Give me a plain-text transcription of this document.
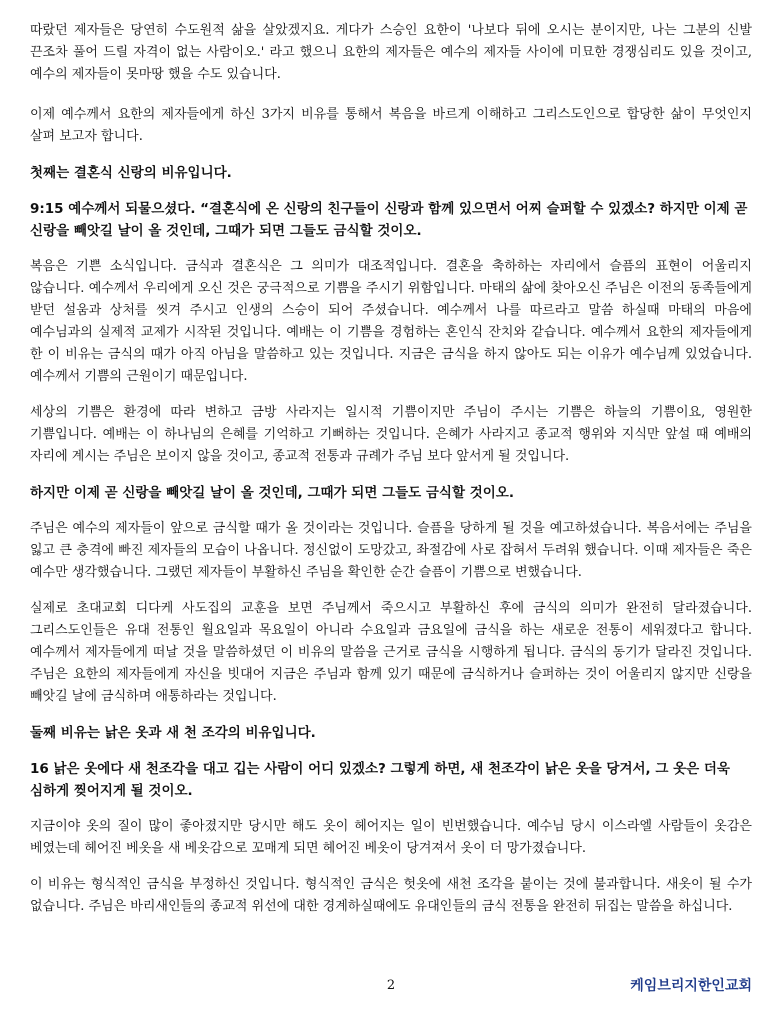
따랐던 제자들은 당연히 수도원적 삶을 살았겠지요. 게다가 스승인 요한이 '나보다 뒤에 오시는 분이지만, 나는 그분의 신발 끈조차 풀어 드릴 자격이 없는 사람이오.' 라고 했으니 요한의 제자들은 예수의 제자들 사이에 미묘한 경쟁심리도 있을 것이고, 예수의 제자들이 못마땅 했을 수도 있습니다.

이제 예수께서 요한의 제자들에게 하신 3가지 비유를 통해서 복음을 바르게 이해하고 그리스도인으로 합당한 삶이 무엇인지 살펴 보고자 합니다.

첫째는 결혼식 신랑의 비유입니다.

9:15 예수께서 되물으셨다. “결혼식에 온 신랑의 친구들이 신랑과 함께 있으면서 어찌 슬퍼할 수 있겠소? 하지만 이제 곧 신랑을 빼앗길 날이 올 것인데, 그때가 되면 그들도 금식할 것이오.

복음은 기쁜 소식입니다. 금식과 결혼식은 그 의미가 대조적입니다. 결혼을 축하하는 자리에서 슬픔의 표현이 어울리지 않습니다. 예수께서 우리에게 오신 것은 궁극적으로 기쁨을 주시기 위함입니다. 마태의 삶에 찾아오신 주님은 이전의 동족들에게 받던 설움과 상처를 씻겨 주시고 인생의 스승이 되어 주셨습니다. 예수께서 나를 따르라고 말씀 하실때 마태의 마음에 예수님과의 실제적 교제가 시작된 것입니다. 예배는 이 기쁨을 경험하는 혼인식 잔치와 같습니다. 예수께서 요한의 제자들에게 한 이 비유는 금식의 때가 아직 아님을 말씀하고 있는 것입니다. 지금은 금식을 하지 않아도 되는 이유가 예수님께 있었습니다. 예수께서 기쁨의 근원이기 때문입니다.

세상의 기쁨은 환경에 따라 변하고 금방 사라지는 일시적 기쁨이지만 주님이 주시는 기쁨은 하늘의 기쁨이요, 영원한 기쁨입니다. 예배는 이 하나님의 은혜를 기억하고 기뻐하는 것입니다. 은혜가 사라지고 종교적 행위와 지식만 앞설 때 예배의 자리에 계시는 주님은 보이지 않을 것이고, 종교적 전통과 규례가 주님 보다 앞서게 될 것입니다.

하지만 이제 곧 신랑을 빼앗길 날이 올 것인데, 그때가 되면 그들도 금식할 것이오.

주님은 예수의 제자들이 앞으로 금식할 때가 올 것이라는 것입니다. 슬픔을 당하게 될 것을 예고하셨습니다. 복음서에는 주님을 잃고 큰 충격에 빠진 제자들의 모습이 나옵니다. 정신없이 도망갔고, 좌절감에 사로 잡혀서 두려워 했습니다. 이때 제자들은 죽은 예수만 생각했습니다. 그랬던 제자들이 부활하신 주님을 확인한 순간 슬픔이 기쁨으로 변했습니다.

실제로 초대교회 디다케 사도집의 교훈을 보면 주님께서 죽으시고 부활하신 후에 금식의 의미가 완전히 달라졌습니다. 그리스도인들은 유대 전통인 월요일과 목요일이 아니라 수요일과 금요일에 금식을 하는 새로운 전통이 세워졌다고 합니다. 예수께서 제자들에게 떠날 것을 말씀하셨던 이 비유의 말씀을 근거로 금식을 시행하게 됩니다. 금식의 동기가 달라진 것입니다. 주님은 요한의 제자들에게 자신을 빗대어 지금은 주님과 함께 있기 때문에 금식하거나 슬퍼하는 것이 어울리지 않지만 신랑을 빼앗길 날에 금식하며 애통하라는 것입니다.

둘째 비유는 낡은 옷과 새 천 조각의 비유입니다.

16 낡은 옷에다 새 천조각을 대고 깁는 사람이 어디 있겠소? 그렇게 하면, 새 천조각이 낡은 옷을 당겨서, 그 옷은 더욱 심하게 찢어지게 될 것이오.

지금이야 옷의 질이 많이 좋아졌지만 당시만 해도 옷이 헤어지는 일이 빈번했습니다. 예수님 당시 이스라엘 사람들이 옷감은 베였는데 헤어진 베옷을 새 베옷감으로 꼬매게 되면 헤어진 베옷이 당겨져서 옷이 더 망가졌습니다.

이 비유는 형식적인 금식을 부정하신 것입니다. 형식적인 금식은 헛옷에 새천 조각을 붙이는 것에 불과합니다. 새옷이 될 수가 없습니다. 주님은 바리새인들의 종교적 위선에 대한 경계하실때에도 유대인들의 금식 전통을 완전히 뒤집는 말씀을 하십니다.

2	케임브리지한인교회
